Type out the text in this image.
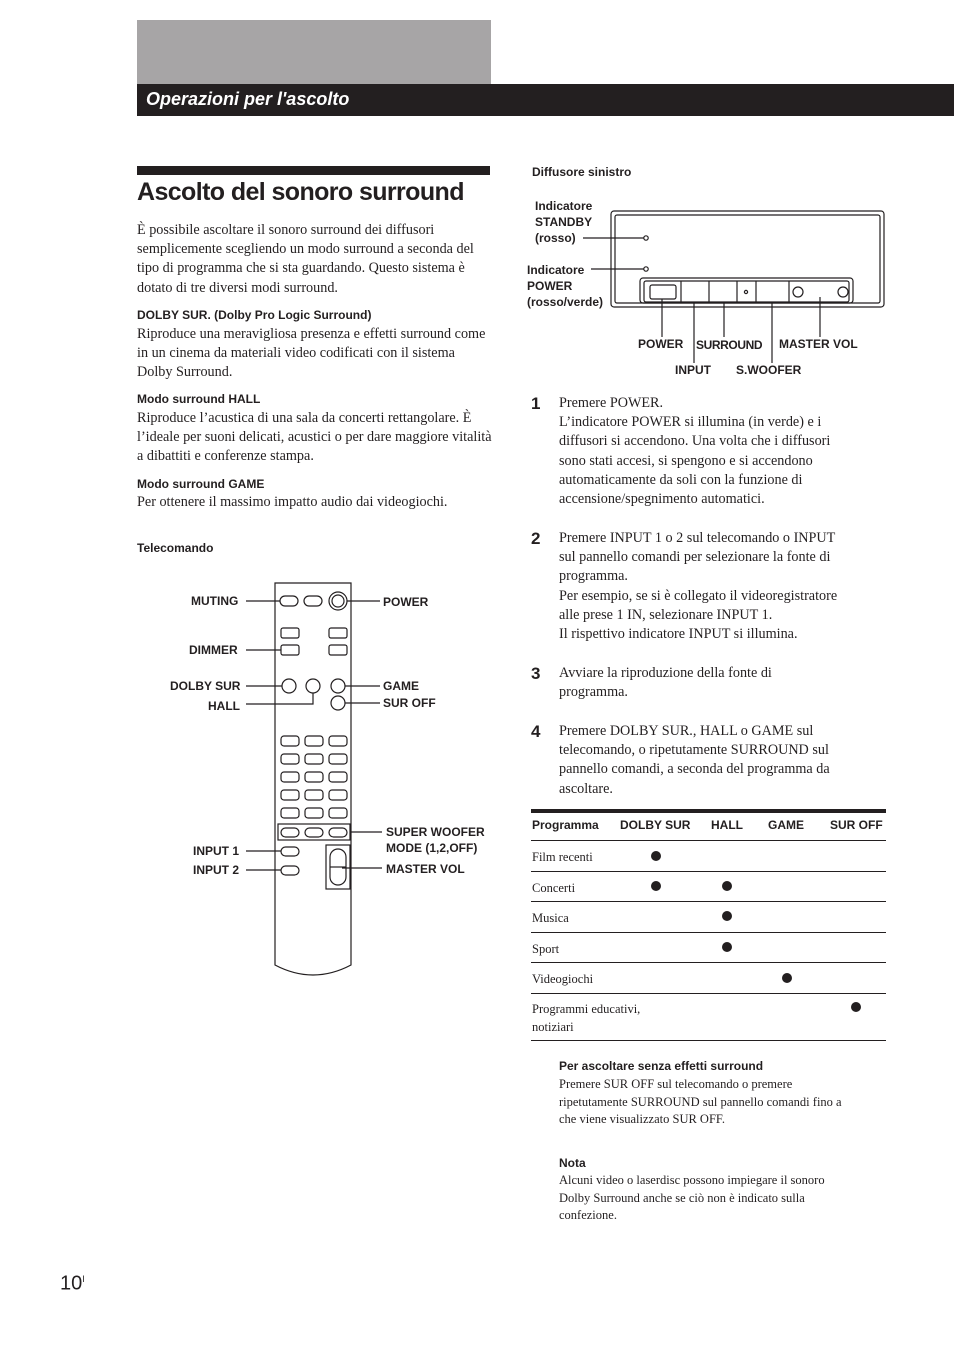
Operazioni per l'ascolto
Ascolto del sonoro surround
È possibile ascoltare il sonoro surround dei diffusori semplicemente scegliendo un modo surround a seconda del tipo di programma che si sta guardando. Questo sistema è dotato di tre diversi modi surround.
DOLBY SUR. (Dolby Pro Logic Surround)
Riproduce una meravigliosa presenza e effetti surround come in un cinema da materiali video codificati con il sistema Dolby Surround.
Modo surround HALL
Riproduce l’acustica di una sala da concerti rettangolare. È l’ideale per suoni delicati, acustici o per dare maggiore vitalità a dibattiti e conferenze stampa.
Modo surround GAME
Per ottenere il massimo impatto audio dai videogiochi.
Telecomando
MUTING
DIMMER
DOLBY SUR
HALL
INPUT 1
INPUT 2
POWER
GAME
SUR OFF
SUPER WOOFER
MODE (1,2,OFF)
MASTER VOL
Diffusore sinistro
Indicatore
STANDBY
(rosso)
Indicatore
POWER
(rosso/verde)
POWER SURROUND MASTER VOL
INPUT S.WOOFER
1 Premere POWER.
L’indicatore POWER si illumina (in verde) e i
diffusori si accendono. Una volta che i diffusori
sono stati accesi, si spengono e si accendono
automaticamente da soli con la funzione di
accensione/spegnimento automatici.
2 Premere INPUT 1 o 2 sul telecomando o INPUT
sul pannello comandi per selezionare la fonte di
programma.
Per esempio, se si è collegato il videoregistratore
alle prese 1 IN, selezionare INPUT 1.
Il rispettivo indicatore INPUT si illumina.
3 Avviare la riproduzione della fonte di
programma.
4 Premere DOLBY SUR., HALL o GAME sul
telecomando, o ripetutamente SURROUND sul
pannello comandi, a seconda del programma da
ascoltare.
Programma DOLBY SUR HALL GAME SUR OFF
Film recenti
Concerti
Musica
Sport
Videogiochi
Programmi educativi,
notiziari
Per ascoltare senza effetti surround
Premere SUR OFF sul telecomando o premere
ripetutamente SURROUND sul pannello comandi fino a
che viene visualizzato SUR OFF.
Nota
Alcuni video o laserdisc possono impiegare il sonoro
Dolby Surround anche se ciò non è indicato sulla
confezione.
$10^I$
